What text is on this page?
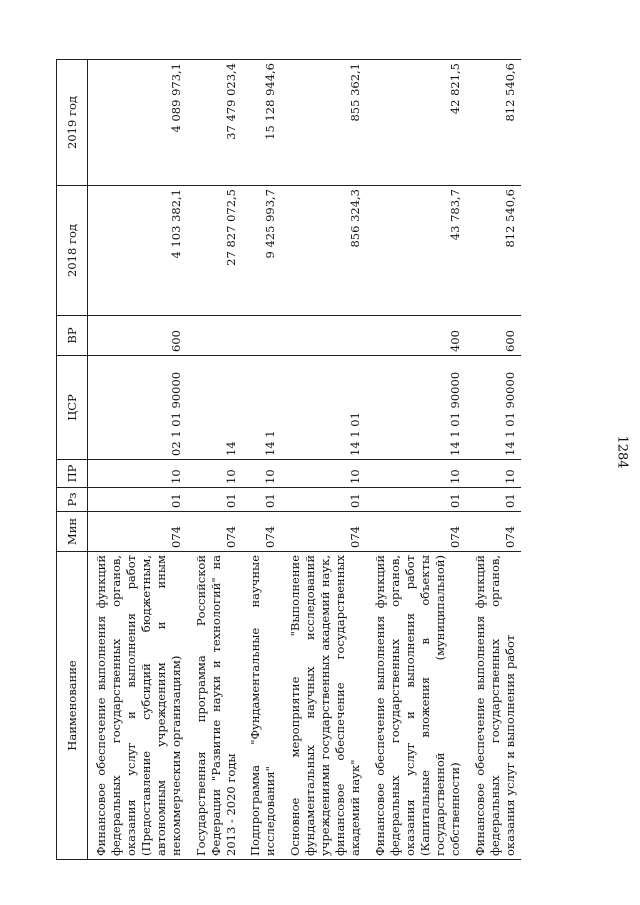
1284
Наименование	Мин	Рз	ПР	ЦСР	ВР	2018 год	2019 год
Финансовое обеспечение выполнения функций федеральных государственных органов, оказания услуг и выполнения работ (Предоставление субсидий бюджетным, автономным учреждениям и иным некоммерческим организациям)	074	01	10	02 1 01 90000	600	4 103 382,1	4 089 973,1
Государственная программа Российской Федерации "Развитие науки и технологий" на 2013 - 2020 годы	074	01	10	14		27 827 072,5	37 479 023,4
Подпрограмма "Фундаментальные научные исследования"	074	01	10	14 1		9 425 993,7	15 128 944,6
Основное мероприятие "Выполнение фундаментальных научных исследований учреждениями государственных академий наук, финансовое обеспечение государственных академий наук"	074	01	10	14 1 01		856 324,3	855 362,1
Финансовое обеспечение выполнения функций федеральных государственных органов, оказания услуг и выполнения работ (Капитальные вложения в объекты государственной (муниципальной) собственности)	074	01	10	14 1 01 90000	400	43 783,7	42 821,5
Финансовое обеспечение выполнения функций федеральных государственных органов, оказания услуг и выполнения работ	074	01	10	14 1 01 90000	600	812 540,6	812 540,6
